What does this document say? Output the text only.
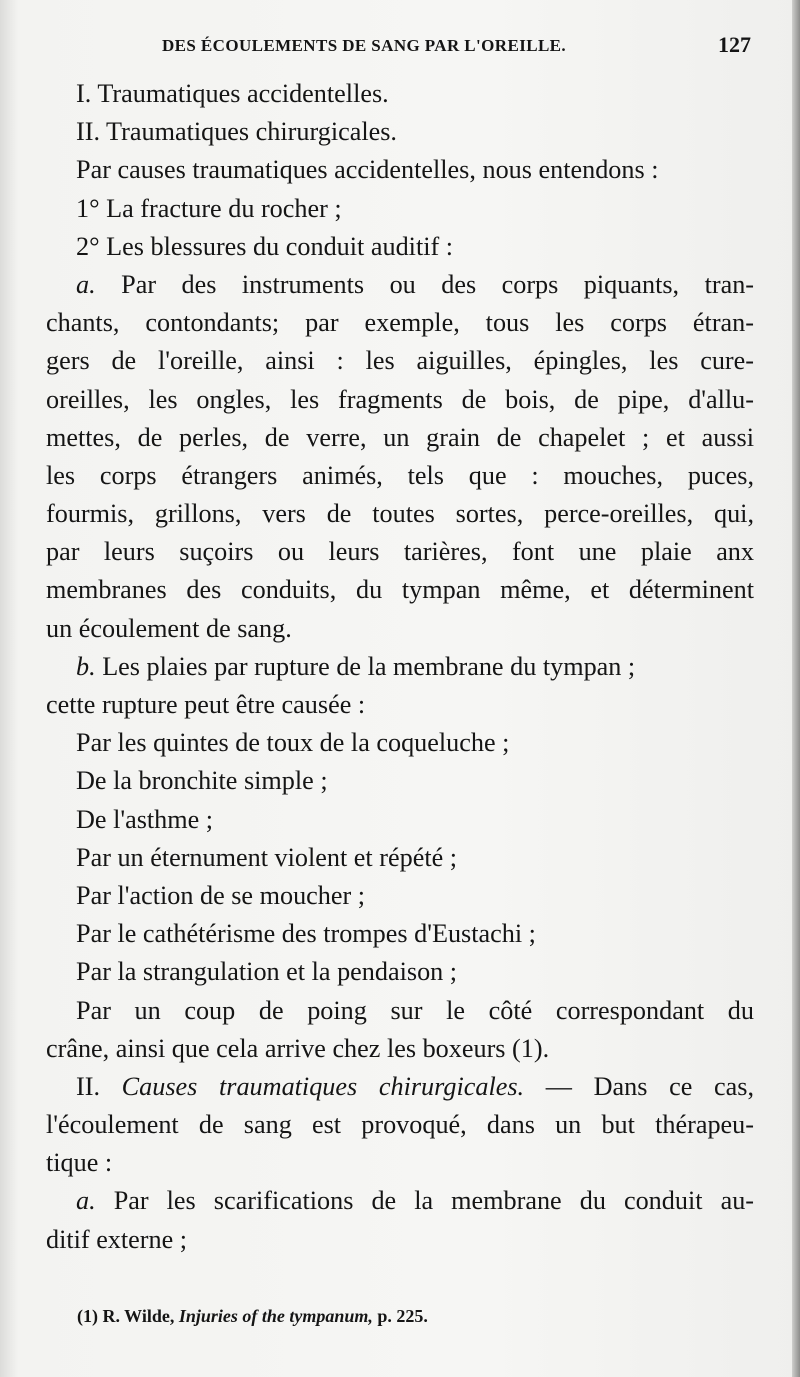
DES ÉCOULEMENTS DE SANG PAR L'OREILLE.	127
I. Traumatiques accidentelles.
II. Traumatiques chirurgicales.
Par causes traumatiques accidentelles, nous entendons :
1° La fracture du rocher ;
2° Les blessures du conduit auditif :
a. Par des instruments ou des corps piquants, tran-
chants, contondants; par exemple, tous les corps étran-
gers de l'oreille, ainsi : les aiguilles, épingles, les cure-
oreilles, les ongles, les fragments de bois, de pipe, d'allu-
mettes, de perles, de verre, un grain de chapelet ; et aussi
les corps étrangers animés, tels que : mouches, puces,
fourmis, grillons, vers de toutes sortes, perce-oreilles, qui,
par leurs suçoirs ou leurs tarières, font une plaie anx
membranes des conduits, du tympan même, et déterminent
un écoulement de sang.
b. Les plaies par rupture de la membrane du tympan ;
cette rupture peut être causée :
Par les quintes de toux de la coqueluche ;
De la bronchite simple ;
De l'asthme ;
Par un éternument violent et répété ;
Par l'action de se moucher ;
Par le cathétérisme des trompes d'Eustachi ;
Par la strangulation et la pendaison ;
Par un coup de poing sur le côté correspondant du
crâne, ainsi que cela arrive chez les boxeurs (1).
II. Causes traumatiques chirurgicales. — Dans ce cas,
l'écoulement de sang est provoqué, dans un but thérapeu-
tique :
a. Par les scarifications de la membrane du conduit au-
ditif externe ;
(1) R. Wilde, Injuries of the tympanum, p. 225.
